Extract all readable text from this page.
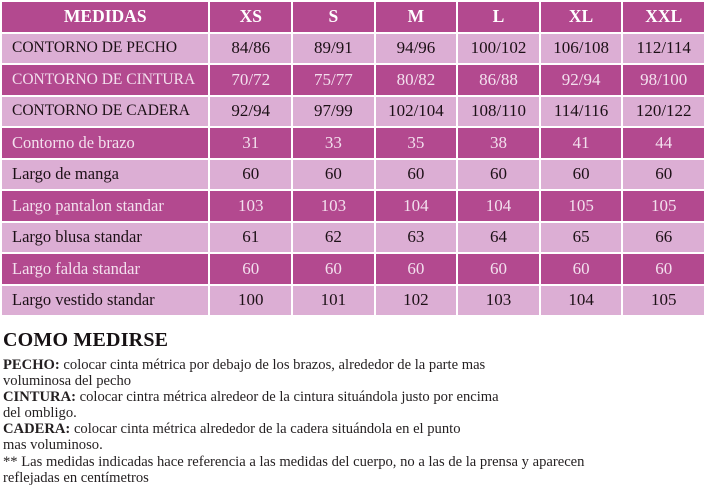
MEDIDAS	XS	S	M	L	XL	XXL
CONTORNO DE PECHO	84/86	89/91	94/96	100/102	106/108	112/114
CONTORNO DE CINTURA	70/72	75/77	80/82	86/88	92/94	98/100
CONTORNO DE CADERA	92/94	97/99	102/104	108/110	114/116	120/122
Contorno de brazo	31	33	35	38	41	44
Largo de manga	60	60	60	60	60	60
Largo pantalon standar	103	103	104	104	105	105
Largo blusa standar	61	62	63	64	65	66
Largo falda standar	60	60	60	60	60	60
Largo vestido standar	100	101	102	103	104	105
COMO MEDIRSE
PECHO: colocar cinta métrica por debajo de los brazos, alrededor de la parte mas
voluminosa del pecho
CINTURA: colocar cintra métrica alredeor de la cintura situándola justo por encima
del ombligo.
CADERA: colocar cinta métrica alrededor de la cadera situándola en el punto
mas voluminoso.
** Las medidas indicadas hace referencia a las medidas del cuerpo, no a las de la prensa y aparecen
reflejadas en centímetros
